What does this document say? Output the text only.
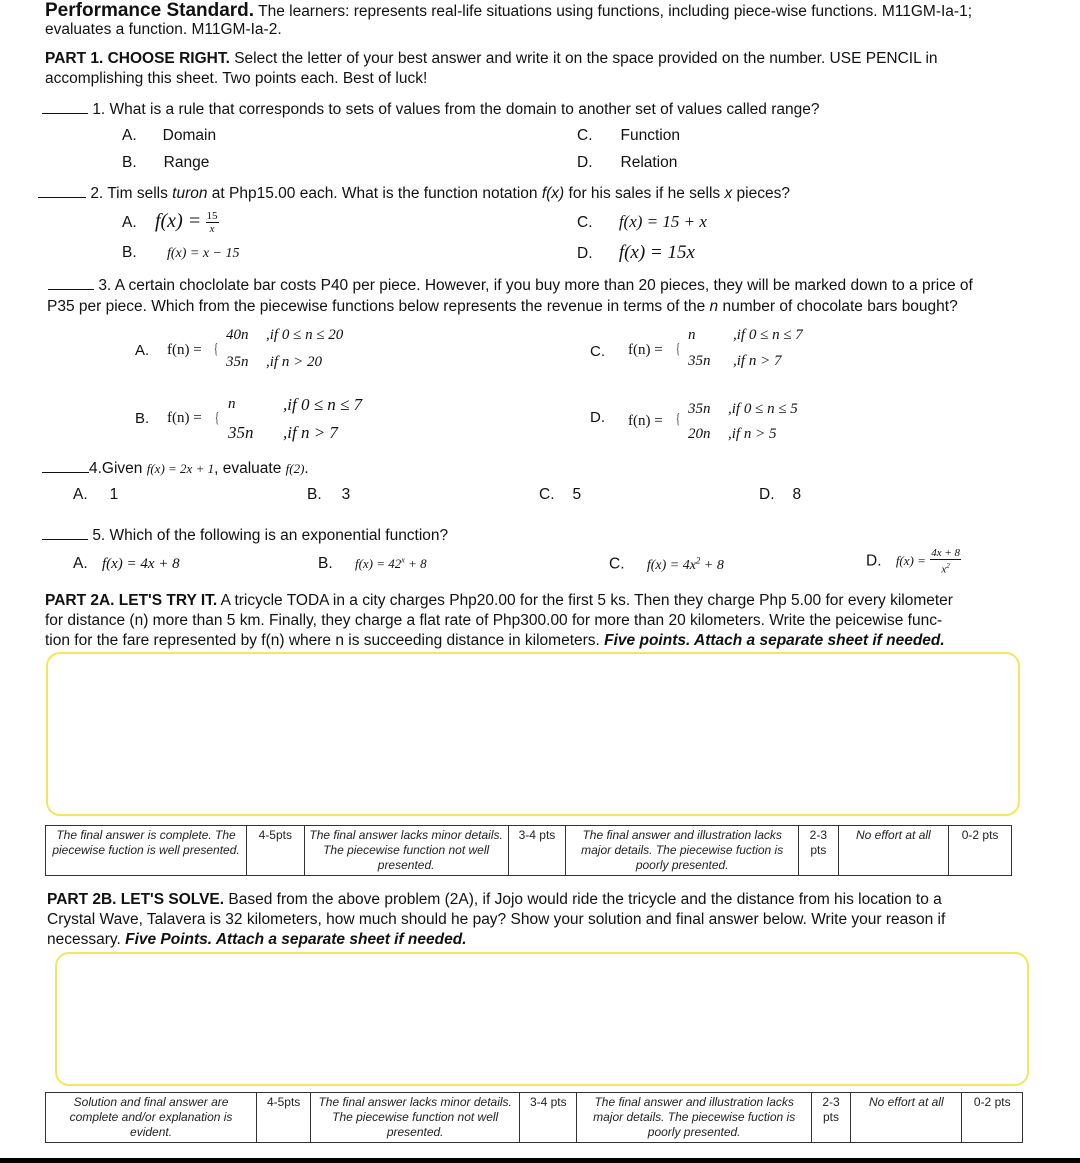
Performance Standard. The learners: represents real-life situations using functions, including piece-wise functions. M11GM-Ia-1;
evaluates a function. M11GM-Ia-2.
PART 1. CHOOSE RIGHT. Select the letter of your best answer and write it on the space provided on the number. USE PENCIL in
accomplishing this sheet. Two points each. Best of luck!
1. What is a rule that corresponds to sets of values from the domain to another set of values called range?
A. Domain
B. Range
C. Function
D. Relation
2. Tim sells turon at Php15.00 each. What is the function notation f(x) for his sales if he sells x pieces?
A. $f(x) = \frac{15}{x}$
B. f(x) = x − 15
C. f(x) = 15 + x
D. f(x) = 15x
3. A certain choclolate bar costs P40 per piece. However, if you buy more than 20 pieces, they will be marked down to a price of
P35 per piece. Which from the piecewise functions below represents the revenue in terms of the n number of chocolate bars bought?
A. f(n) = {
40n ,if 0 ≤ n ≤ 20
35n ,if n > 20
B. f(n) = {
n	,if 0 ≤ n ≤ 7
35n ,if n > 7
C. f(n) = {
n	,if 0 ≤ n ≤ 7
35n ,if n > 7
D. f(n) = {
35n ,if 0 ≤ n ≤ 5
20n ,if n > 5
4.Given f(x) = 2x + 1, evaluate f(2).
A. 1	B. 3	C. 5	D. 8
5. Which of the following is an exponential function?
A. f(x) = 4x + 8	B. $f(x) = 42^x + 8$	C. $f(x) = 4x^2 + 8$	D. $f(x) = \frac{4x + 8}{x^2}$
PART 2A. LET'S TRY IT. A tricycle TODA in a city charges Php20.00 for the first 5 ks. Then they charge Php 5.00 for every kilometer
for distance (n) more than 5 km. Finally, they charge a flat rate of Php300.00 for more than 20 kilometers. Write the peicewise func-
tion for the fare represented by f(n) where n is succeeding distance in kilometers. Five points. Attach a separate sheet if needed.
The final answer is complete. The piecewise fuction is well presented.	4-5pts	The final answer lacks minor details. The piecewise function not well presented.	3-4 pts	The final answer and illustration lacks major details. The piecewise fuction is poorly presented.	2-3 pts	No effort at all	0-2 pts
PART 2B. LET'S SOLVE. Based from the above problem (2A), if Jojo would ride the tricycle and the distance from his location to a
Crystal Wave, Talavera is 32 kilometers, how much should he pay? Show your solution and final answer below. Write your reason if
necessary. Five Points. Attach a separate sheet if needed.
Solution and final answer are complete and/or explanation is evident.	4-5pts	The final answer lacks minor details. The piecewise function not well presented.	3-4 pts	The final answer and illustration lacks major details. The piecewise fuction is poorly presented.	2-3 pts	No effort at all	0-2 pts
